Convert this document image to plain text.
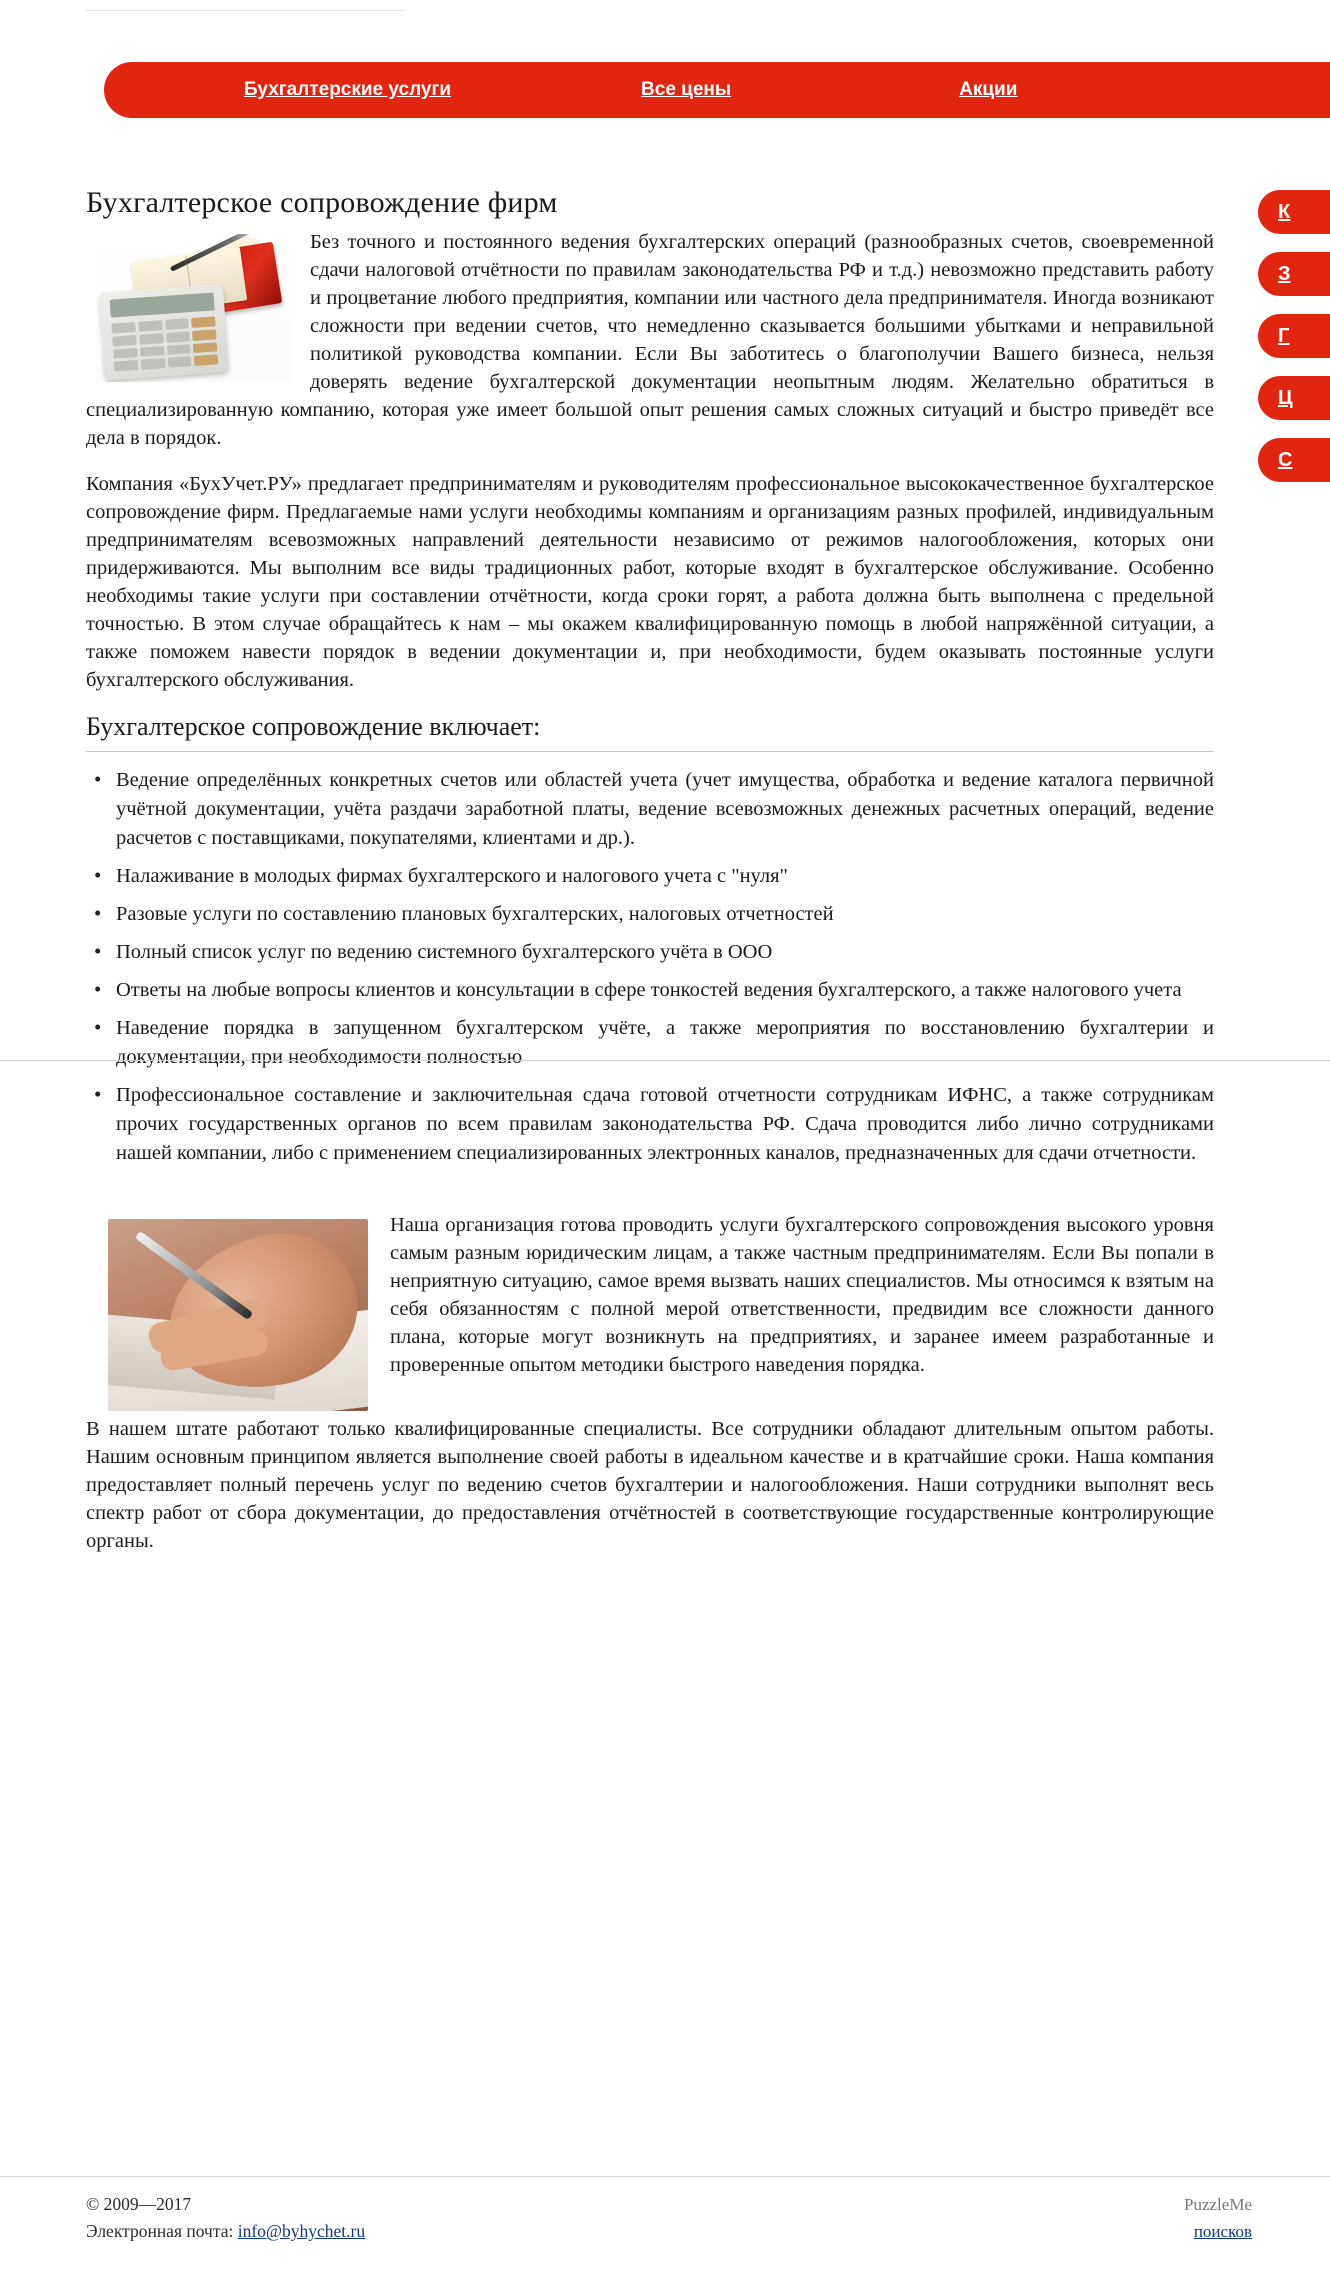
Бухгалтерские услуги	Все цены	Акции
К
З
Г
Ц
С
Бухгалтерское сопровождение фирм

Без точного и постоянного ведения бухгалтерских операций (разнообразных счетов, своевременной сдачи налоговой отчётности по правилам законодательства РФ и т.д.) невозможно представить работу и процветание любого предприятия, компании или частного дела предпринимателя. Иногда возникают сложности при ведении счетов, что немедленно сказывается большими убытками и неправильной политикой руководства компании. Если Вы заботитесь о благополучии Вашего бизнеса, нельзя доверять ведение бухгалтерской документации неопытным людям. Желательно обратиться в специализированную компанию, которая уже имеет большой опыт решения самых сложных ситуаций и быстро приведёт все дела в порядок.

Компания «БухУчет.РУ» предлагает предпринимателям и руководителям профессиональное высококачественное бухгалтерское сопровождение фирм. Предлагаемые нами услуги необходимы компаниям и организациям разных профилей, индивидуальным предпринимателям всевозможных направлений деятельности независимо от режимов налогообложения, которых они придерживаются. Мы выполним все виды традиционных работ, которые входят в бухгалтерское обслуживание. Особенно необходимы такие услуги при составлении отчётности, когда сроки горят, а работа должна быть выполнена с предельной точностью. В этом случае обращайтесь к нам – мы окажем квалифицированную помощь в любой напряжённой ситуации, а также поможем навести порядок в ведении документации и, при необходимости, будем оказывать постоянные услуги бухгалтерского обслуживания.

Бухгалтерское сопровождение включает:
• Ведение определённых конкретных счетов или областей учета (учет имущества, обработка и ведение каталога первичной учётной документации, учёта раздачи заработной платы, ведение всевозможных денежных расчетных операций, ведение расчетов с поставщиками, покупателями, клиентами и др.).
• Налаживание в молодых фирмах бухгалтерского и налогового учета с "нуля"
• Разовые услуги по составлению плановых бухгалтерских, налоговых отчетностей
• Полный список услуг по ведению системного бухгалтерского учёта в ООО
• Ответы на любые вопросы клиентов и консультации в сфере тонкостей ведения бухгалтерского, а также налогового учета
• Наведение порядка в запущенном бухгалтерском учёте, а также мероприятия по восстановлению бухгалтерии и документации, при необходимости полностью
• Профессиональное составление и заключительная сдача готовой отчетности сотрудникам ИФНС, а также сотрудникам прочих государственных органов по всем правилам законодательства РФ. Сдача проводится либо лично сотрудниками нашей компании, либо с применением специализированных электронных каналов, предназначенных для сдачи отчетности.

Наша организация готова проводить услуги бухгалтерского сопровождения высокого уровня самым разным юридическим лицам, а также частным предпринимателям. Если Вы попали в неприятную ситуацию, самое время вызвать наших специалистов. Мы относимся к взятым на себя обязанностям с полной мерой ответственности, предвидим все сложности данного плана, которые могут возникнуть на предприятиях, и заранее имеем разработанные и проверенные опытом методики быстрого наведения порядка.

В нашем штате работают только квалифицированные специалисты. Все сотрудники обладают длительным опытом работы. Нашим основным принципом является выполнение своей работы в идеальном качестве и в кратчайшие сроки. Наша компания предоставляет полный перечень услуг по ведению счетов бухгалтерии и налогообложения. Наши сотрудники выполнят весь спектр работ от сбора документации, до предоставления отчётностей в соответствующие государственные контролирующие органы.

© 2009—2017
Электронная почта: info@byhychet.ru
PuzzleMe
поисков
